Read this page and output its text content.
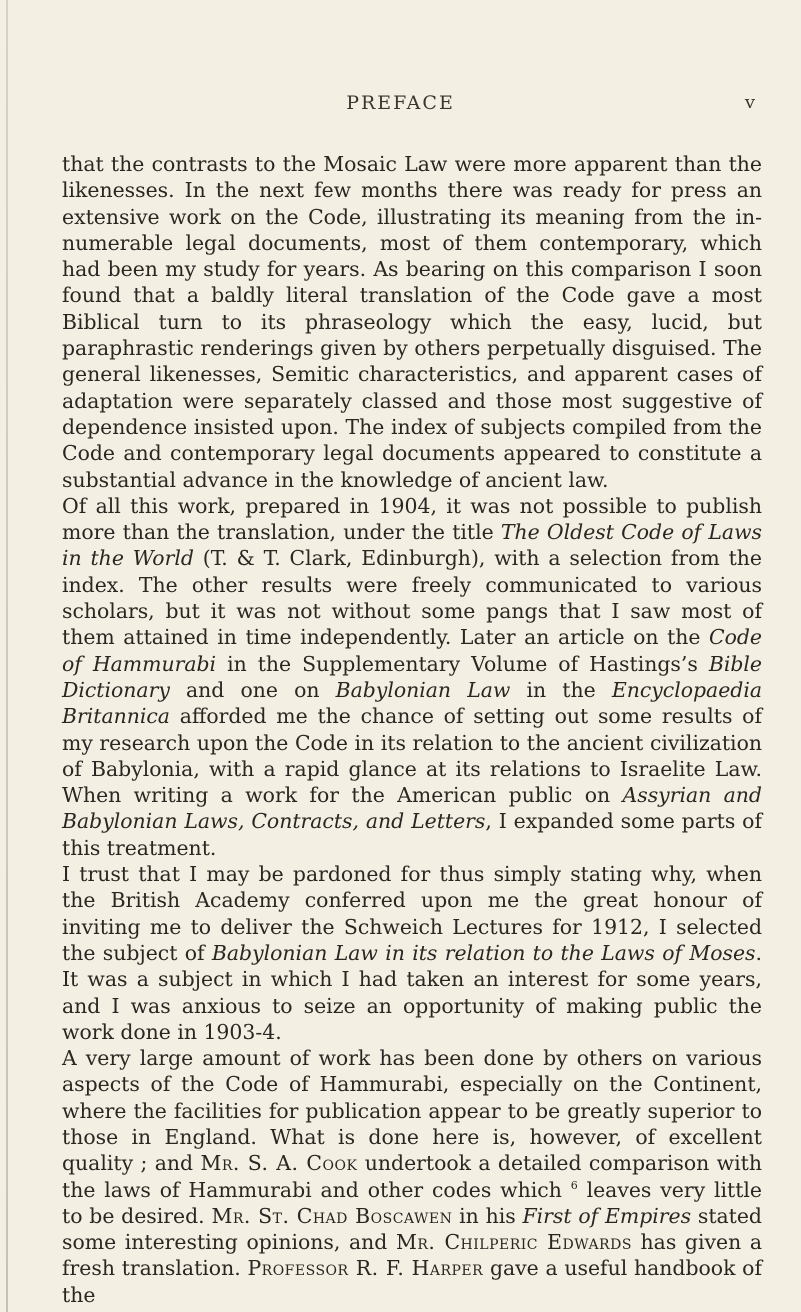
PREFACE	v

that the contrasts to the Mosaic Law were more apparent than the likenesses. In the next few months there was ready for press an extensive work on the Code, illustrating its meaning from the innumerable legal documents, most of them contemporary, which had been my study for years. As bearing on this comparison I soon found that a baldly literal translation of the Code gave a most Biblical turn to its phraseology which the easy, lucid, but paraphrastic renderings given by others perpetually disguised. The general likenesses, Semitic characteristics, and apparent cases of adaptation were separately classed and those most suggestive of dependence insisted upon. The index of subjects compiled from the Code and contemporary legal documents appeared to constitute a substantial advance in the knowledge of ancient law.

Of all this work, prepared in 1904, it was not possible to publish more than the translation, under the title The Oldest Code of Laws in the World (T. & T. Clark, Edinburgh), with a selection from the index. The other results were freely communicated to various scholars, but it was not without some pangs that I saw most of them attained in time independently. Later an article on the Code of Hammurabi in the Supplementary Volume of Hastings’s Bible Dictionary and one on Babylonian Law in the Encyclopaedia Britannica afforded me the chance of setting out some results of my research upon the Code in its relation to the ancient civilization of Babylonia, with a rapid glance at its relations to Israelite Law. When writing a work for the American public on Assyrian and Babylonian Laws, Contracts, and Letters, I expanded some parts of this treatment.

I trust that I may be pardoned for thus simply stating why, when the British Academy conferred upon me the great honour of inviting me to deliver the Schweich Lectures for 1912, I selected the subject of Babylonian Law in its relation to the Laws of Moses. It was a subject in which I had taken an interest for some years, and I was anxious to seize an opportunity of making public the work done in 1903-4.

A very large amount of work has been done by others on various aspects of the Code of Hammurabi, especially on the Continent, where the facilities for publication appear to be greatly superior to those in England. What is done here is, however, of excellent quality ; and Mr. S. A. Cook undertook a detailed comparison with the laws of Hammurabi and other codes which $^6$ leaves very little to be desired. Mr. St. Chad Boscawen in his First of Empires stated some interesting opinions, and Mr. Chilperic Edwards has given a fresh translation. Professor R. F. Harper gave a useful handbook of the
